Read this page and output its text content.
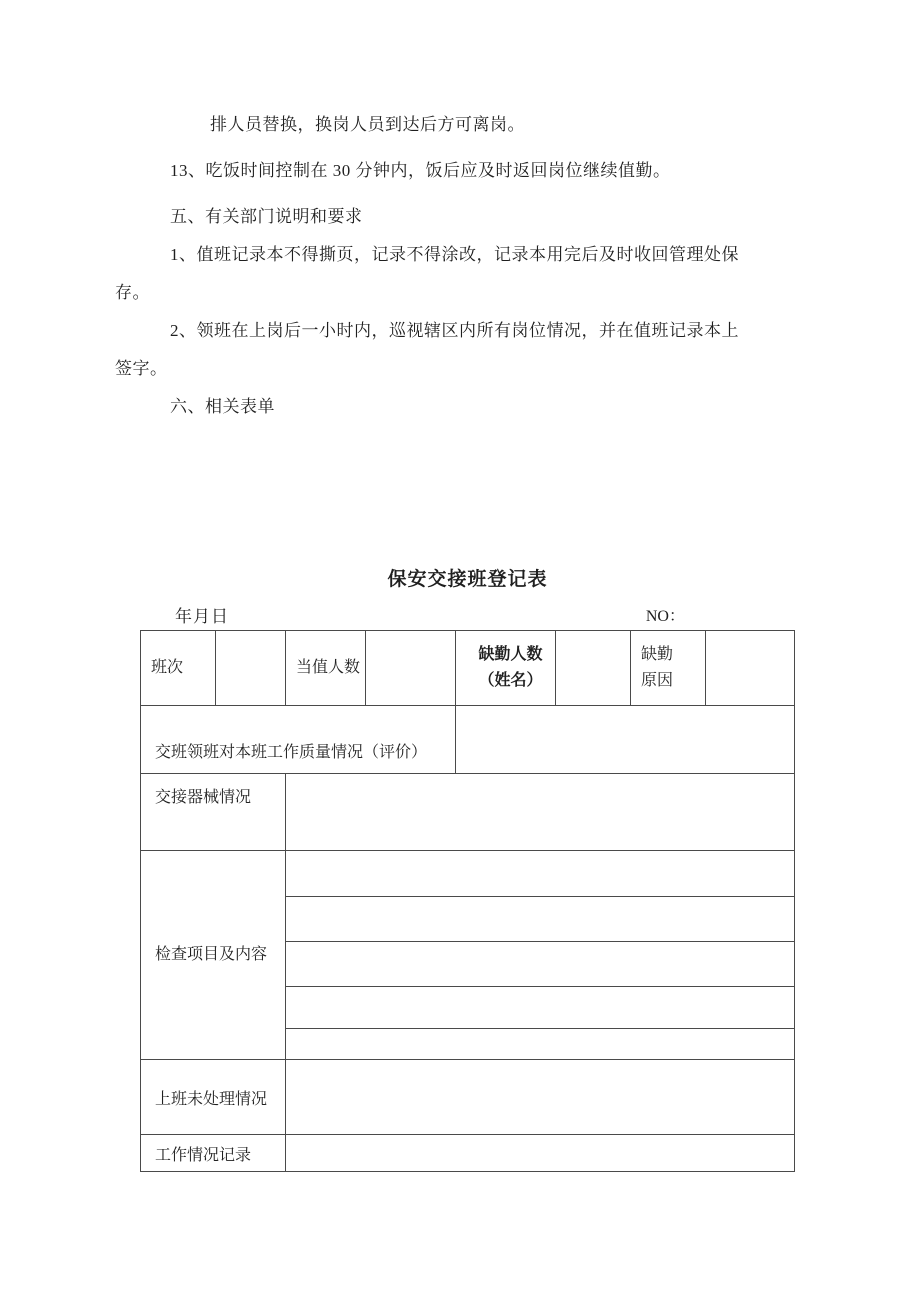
排人员替换，换岗人员到达后方可离岗。

13、吃饭时间控制在 30 分钟内，饭后应及时返回岗位继续值勤。

五、有关部门说明和要求

1、值班记录本不得撕页，记录不得涂改，记录本用完后及时收回管理处保

存。

2、领班在上岗后一小时内，巡视辖区内所有岗位情况，并在值班记录本上

签字。

六、相关表单

保安交接班登记表
年月日	NO：
班次	当值人数
缺勤人数
（姓名）
缺勤
原因
交班领班对本班工作质量情况（评价）
交接器械情况
检查项目及内容
上班未处理情况
工作情况记录
